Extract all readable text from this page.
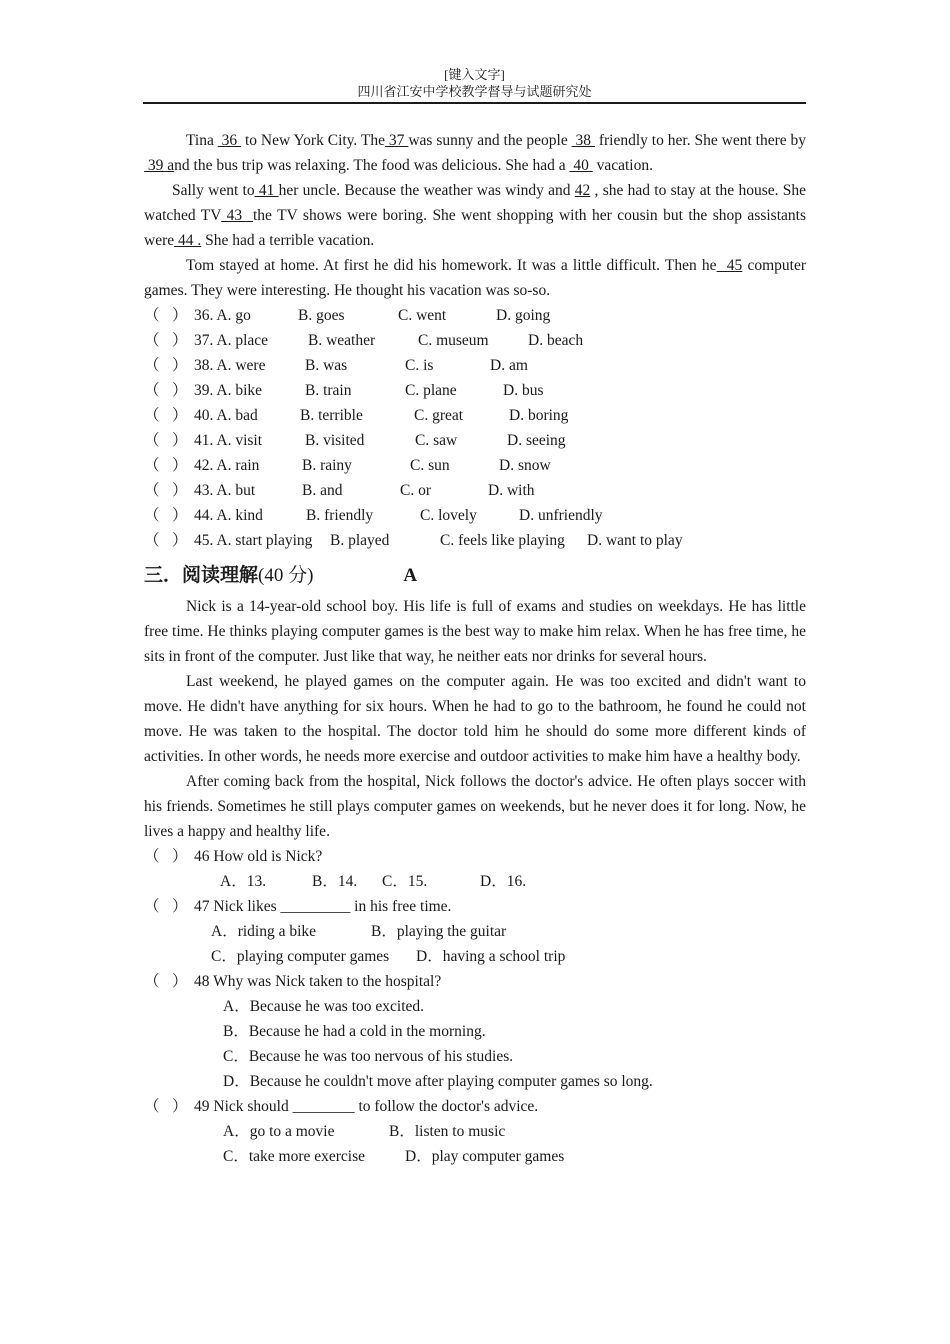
[键入文字]
四川省江安中学校教学督导与试题研究处

Tina  36  to New York City. The 37 was sunny and the people  38  friendly to her. She went there by 39 and the bus trip was relaxing. The food was delicious. She had a  40  vacation.

Sally went to 41 her uncle. Because the weather was windy and 42 , she had to stay at the house. She watched TV 43  the TV shows were boring. She went shopping with her cousin but the shop assistants were 44 . She had a terrible vacation.

Tom stayed at home. At first he did his homework. It was a little difficult. Then he  45 computer games. They were interesting. He thought his vacation was so-so.

（ ） 36. A. go	B. goes	C. went	D. going
（ ） 37. A. place	B. weather	C. museum	D. beach
（ ） 38. A. were	B. was	C. is	D. am
（ ） 39. A. bike	B. train	C. plane	D. bus
（ ） 40. A. bad	B. terrible	C. great	D. boring
（ ） 41. A. visit	B. visited	C. saw	D. seeing
（ ） 42. A. rain	B. rainy	C. sun	D. snow
（ ） 43. A. but	B. and	C. or	D. with
（ ） 44. A. kind	B. friendly	C. lovely	D. unfriendly
（ ） 45. A. start playing B. played	C. feels like playing D. want to play

三．阅读理解(40 分)	A

Nick is a 14-year-old school boy. His life is full of exams and studies on weekdays. He has little free time. He thinks playing computer games is the best way to make him relax. When he has free time, he sits in front of the computer. Just like that way, he neither eats nor drinks for several hours.

Last weekend, he played games on the computer again. He was too excited and didn't want to move. He didn't have anything for six hours. When he had to go to the bathroom, he found he could not move. He was taken to the hospital. The doctor told him he should do some more different kinds of activities. In other words, he needs more exercise and outdoor activities to make him have a healthy body.

After coming back from the hospital, Nick follows the doctor's advice. He often plays soccer with his friends. Sometimes he still plays computer games on weekends, but he never does it for long. Now, he lives a happy and healthy life.

（ ） 46 How old is Nick?
A．13.	B．14. C．15.	D．16.
（ ） 47 Nick likes _________ in his free time.
A．riding a bike	B．playing the guitar
C．playing computer games D．having a school trip
（ ） 48 Why was Nick taken to the hospital?
A．Because he was too excited.
B．Because he had a cold in the morning.
C．Because he was too nervous of his studies.
D．Because he couldn't move after playing computer games so long.
（ ） 49 Nick should ________ to follow the doctor's advice.
A．go to a movie	B．listen to music
C．take more exercise	D．play computer games
